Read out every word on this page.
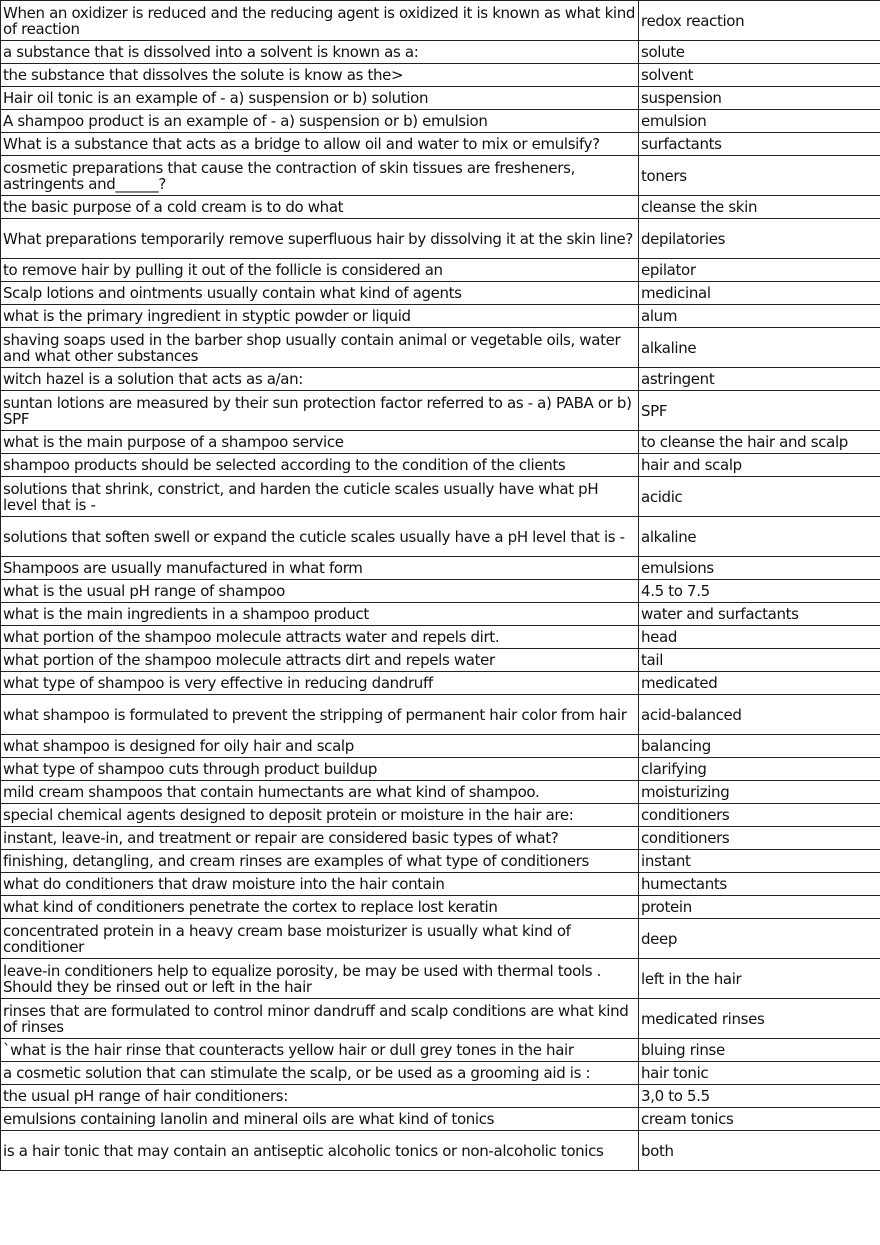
When an oxidizer is reduced and the reducing agent is oxidized it is known as what kind of reaction	redox reaction
a substance that is dissolved into a solvent is known as a:	solute
the substance that dissolves the solute is know as the>	solvent
Hair oil tonic is an example of - a) suspension or b) solution	suspension
A shampoo product is an example of - a) suspension or b) emulsion	emulsion
What is a substance that acts as a bridge to allow oil and water to mix or emulsify?	surfactants
cosmetic preparations that cause the contraction of skin tissues are fresheners, astringents and______?	toners
the basic purpose of a cold cream is to do what	cleanse the skin
What preparations temporarily remove superfluous hair by dissolving it at the skin line?	depilatories
to remove hair by pulling it out of the follicle is considered an	epilator
Scalp lotions and ointments usually contain what kind of agents	medicinal
what is the primary ingredient in styptic powder or liquid	alum
shaving soaps used in the barber shop usually contain animal or vegetable oils, water and what other substances	alkaline
witch hazel is a solution that acts as a/an:	astringent
suntan lotions are measured by their sun protection factor referred to as - a) PABA or b) SPF	SPF
what is the main purpose of a shampoo service	to cleanse the hair and scalp
shampoo products should be selected according to the condition of the clients	hair and scalp
solutions that shrink, constrict, and harden the cuticle scales usually have what pH level that is -	acidic
solutions that soften swell or expand the cuticle scales usually have a pH level that is -	alkaline
Shampoos are usually manufactured in what form	emulsions
what is the usual pH range of shampoo	4.5 to 7.5
what is the main ingredients in a shampoo product	water and surfactants
what portion of the shampoo molecule attracts water and repels dirt.	head
what portion of the shampoo molecule attracts dirt and repels water	tail
what type of shampoo is very effective in reducing dandruff	medicated
what shampoo is formulated to prevent the stripping of permanent hair color from hair	acid-balanced
what shampoo is designed for oily hair and scalp	balancing
what type of shampoo cuts through product buildup	clarifying
mild cream shampoos that contain humectants are what kind of shampoo.	moisturizing
special chemical agents designed to deposit protein or moisture in the hair are:	conditioners
instant, leave-in, and treatment or repair are considered basic types of what?	conditioners
finishing, detangling, and cream rinses are examples of what type of conditioners	instant
what do conditioners that draw moisture into the hair contain	humectants
what kind of conditioners penetrate the cortex to replace lost keratin	protein
concentrated protein in a heavy cream base moisturizer is usually what kind of conditioner	deep
leave-in conditioners help to equalize porosity, be may be used with thermal tools . Should they be rinsed out or left in the hair	left in the hair
rinses that are formulated to control minor dandruff and scalp conditions are what kind of rinses	medicated rinses
`what is the hair rinse that counteracts yellow hair or dull grey tones in the hair	bluing rinse
a cosmetic solution that can stimulate the scalp, or be used as a grooming aid is :	hair tonic
the usual pH range of hair conditioners:	3,0 to 5.5
emulsions containing lanolin and mineral oils are what kind of tonics	cream tonics
is a hair tonic that may contain an antiseptic alcoholic tonics or non-alcoholic tonics	both
